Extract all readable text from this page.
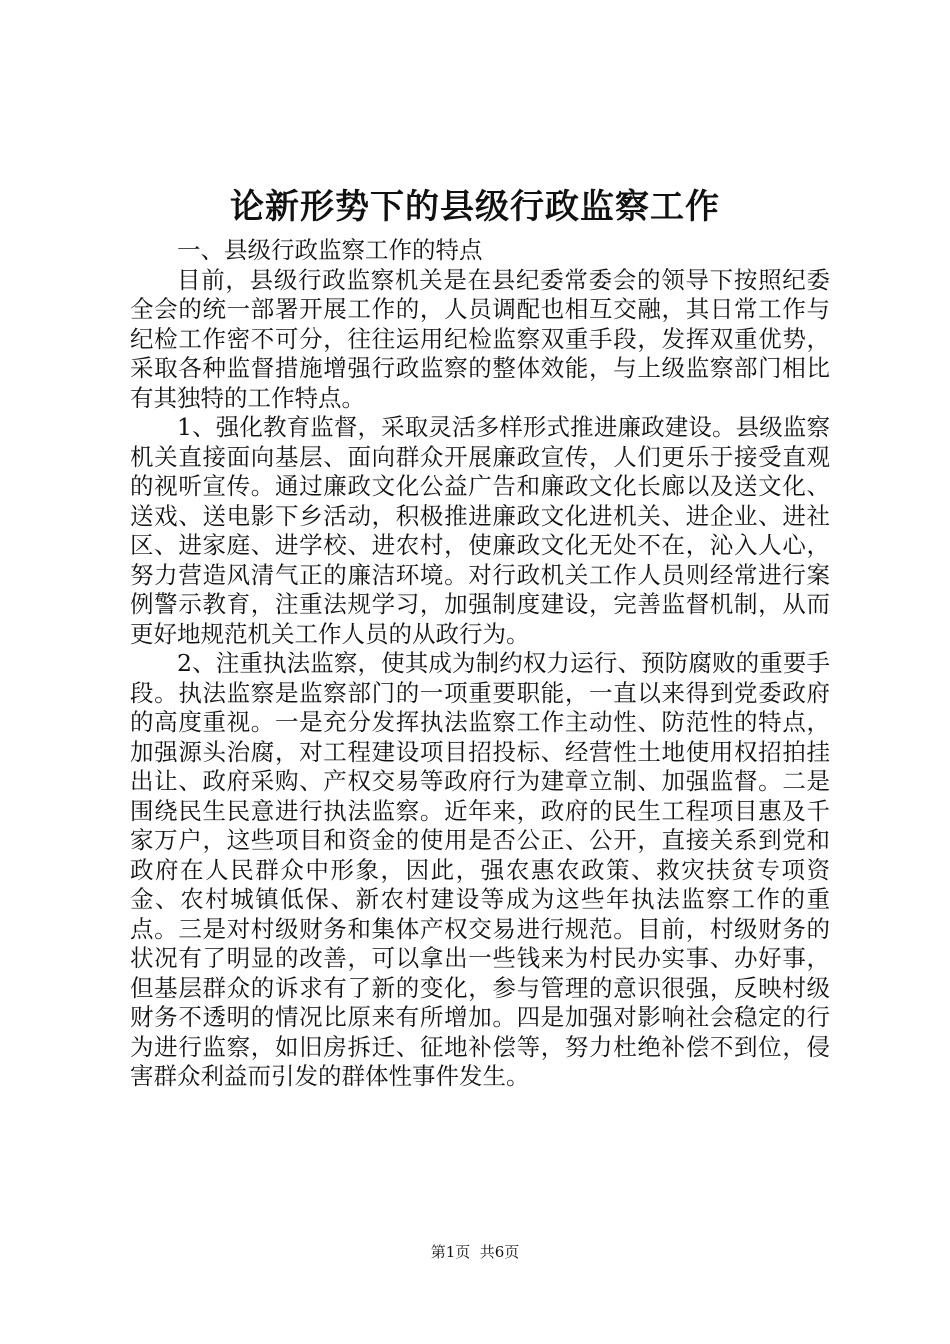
论新形势下的县级行政监察工作

一、县级行政监察工作的特点

目前，县级行政监察机关是在县纪委常委会的领导下按照纪委全会的统一部署开展工作的，人员调配也相互交融，其日常工作与纪检工作密不可分，往往运用纪检监察双重手段，发挥双重优势，采取各种监督措施增强行政监察的整体效能，与上级监察部门相比有其独特的工作特点。

1、强化教育监督，采取灵活多样形式推进廉政建设。县级监察机关直接面向基层、面向群众开展廉政宣传，人们更乐于接受直观的视听宣传。通过廉政文化公益广告和廉政文化长廊以及送文化、送戏、送电影下乡活动，积极推进廉政文化进机关、进企业、进社区、进家庭、进学校、进农村，使廉政文化无处不在，沁入人心，努力营造风清气正的廉洁环境。对行政机关工作人员则经常进行案例警示教育，注重法规学习，加强制度建设，完善监督机制，从而更好地规范机关工作人员的从政行为。

2、注重执法监察，使其成为制约权力运行、预防腐败的重要手段。执法监察是监察部门的一项重要职能，一直以来得到党委政府的高度重视。一是充分发挥执法监察工作主动性、防范性的特点，加强源头治腐，对工程建设项目招投标、经营性土地使用权招拍挂出让、政府采购、产权交易等政府行为建章立制、加强监督。二是围绕民生民意进行执法监察。近年来，政府的民生工程项目惠及千家万户，这些项目和资金的使用是否公正、公开，直接关系到党和政府在人民群众中形象，因此，强农惠农政策、救灾扶贫专项资金、农村城镇低保、新农村建设等成为这些年执法监察工作的重点。三是对村级财务和集体产权交易进行规范。目前，村级财务的状况有了明显的改善，可以拿出一些钱来为村民办实事、办好事，但基层群众的诉求有了新的变化，参与管理的意识很强，反映村级财务不透明的情况比原来有所增加。四是加强对影响社会稳定的行为进行监察，如旧房拆迁、征地补偿等，努力杜绝补偿不到位，侵害群众利益而引发的群体性事件发生。

第1页  共6页
